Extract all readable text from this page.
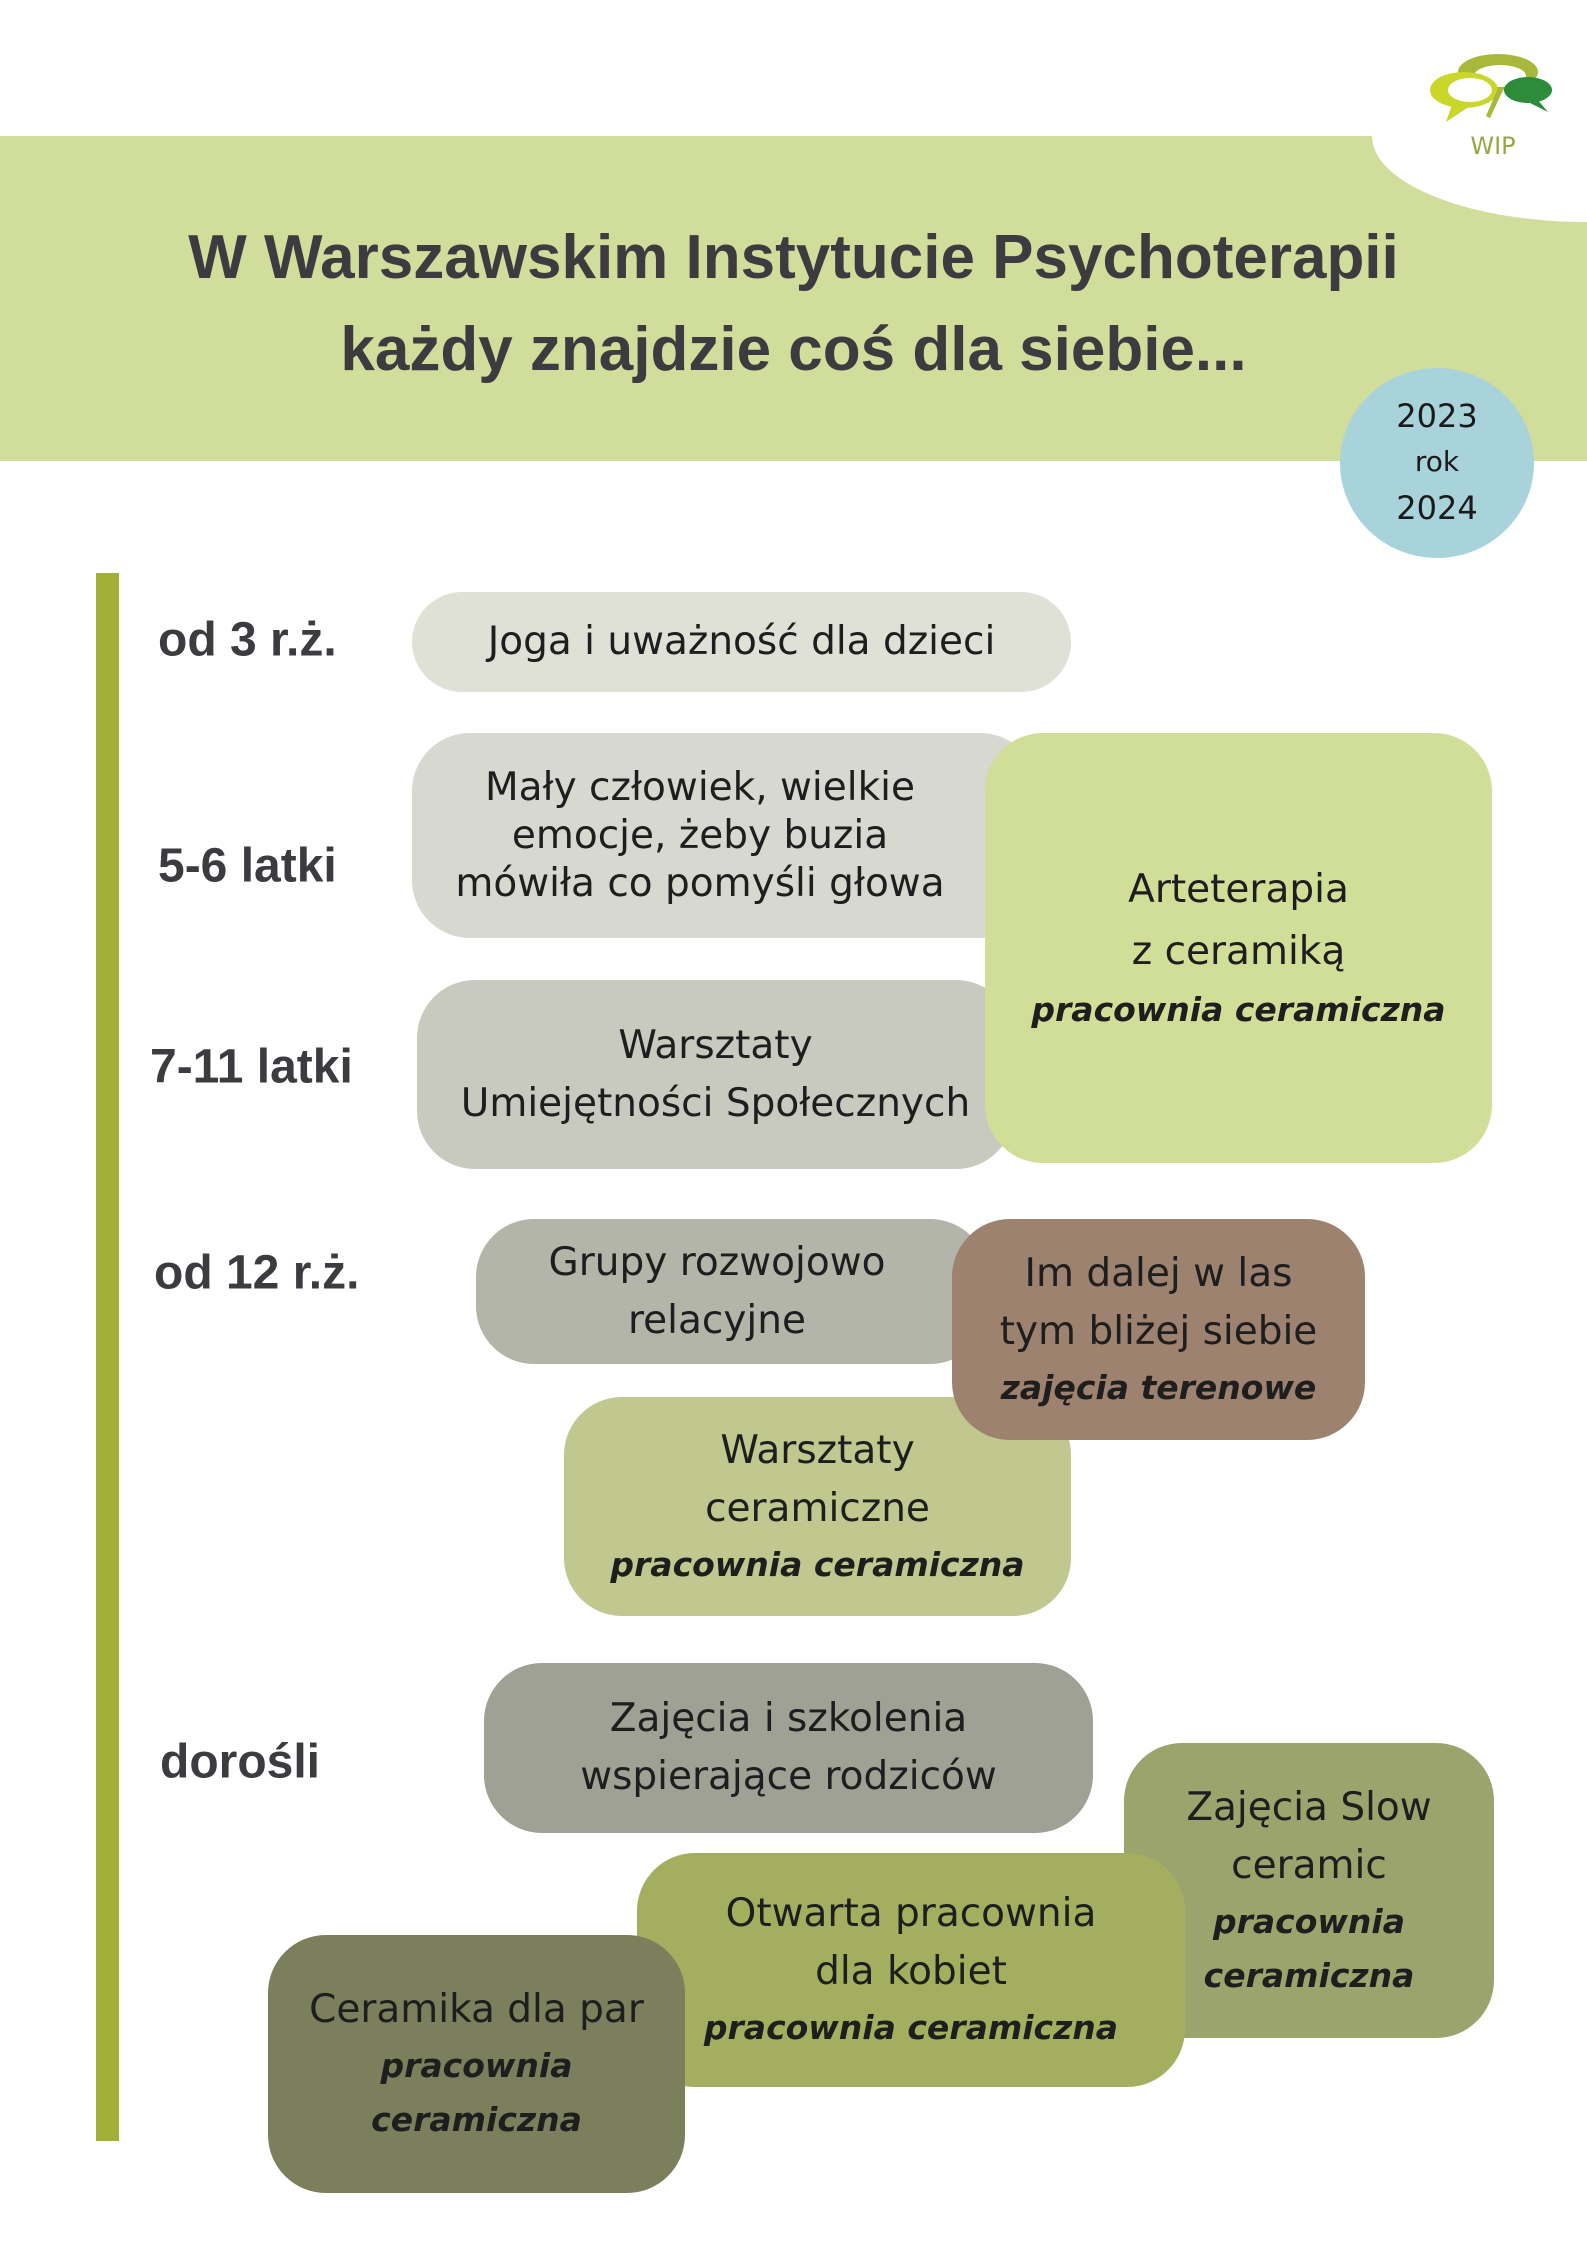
W Warszawskim Instytucie Psychoterapii
każdy znajdzie coś dla siebie...
WIP
2023
rok
2024
od 3 r.ż.
5-6 latki
7-11 latki
od 12 r.ż.
dorośli
Joga i uważność dla dzieci
Mały człowiek, wielkie
emocje, żeby buzia
mówiła co pomyśli głowa
Warsztaty
Umiejętności Społecznych
Arteterapia
z ceramiką
pracownia ceramiczna
Grupy rozwojowo
relacyjne
Warsztaty
ceramiczne
pracownia ceramiczna
Im dalej w las
tym bliżej siebie
zajęcia terenowe
Zajęcia i szkolenia
wspierające rodziców
Zajęcia Slow
ceramic
pracownia
ceramiczna
Otwarta pracownia
dla kobiet
pracownia ceramiczna
Ceramika dla par
pracownia
ceramiczna
